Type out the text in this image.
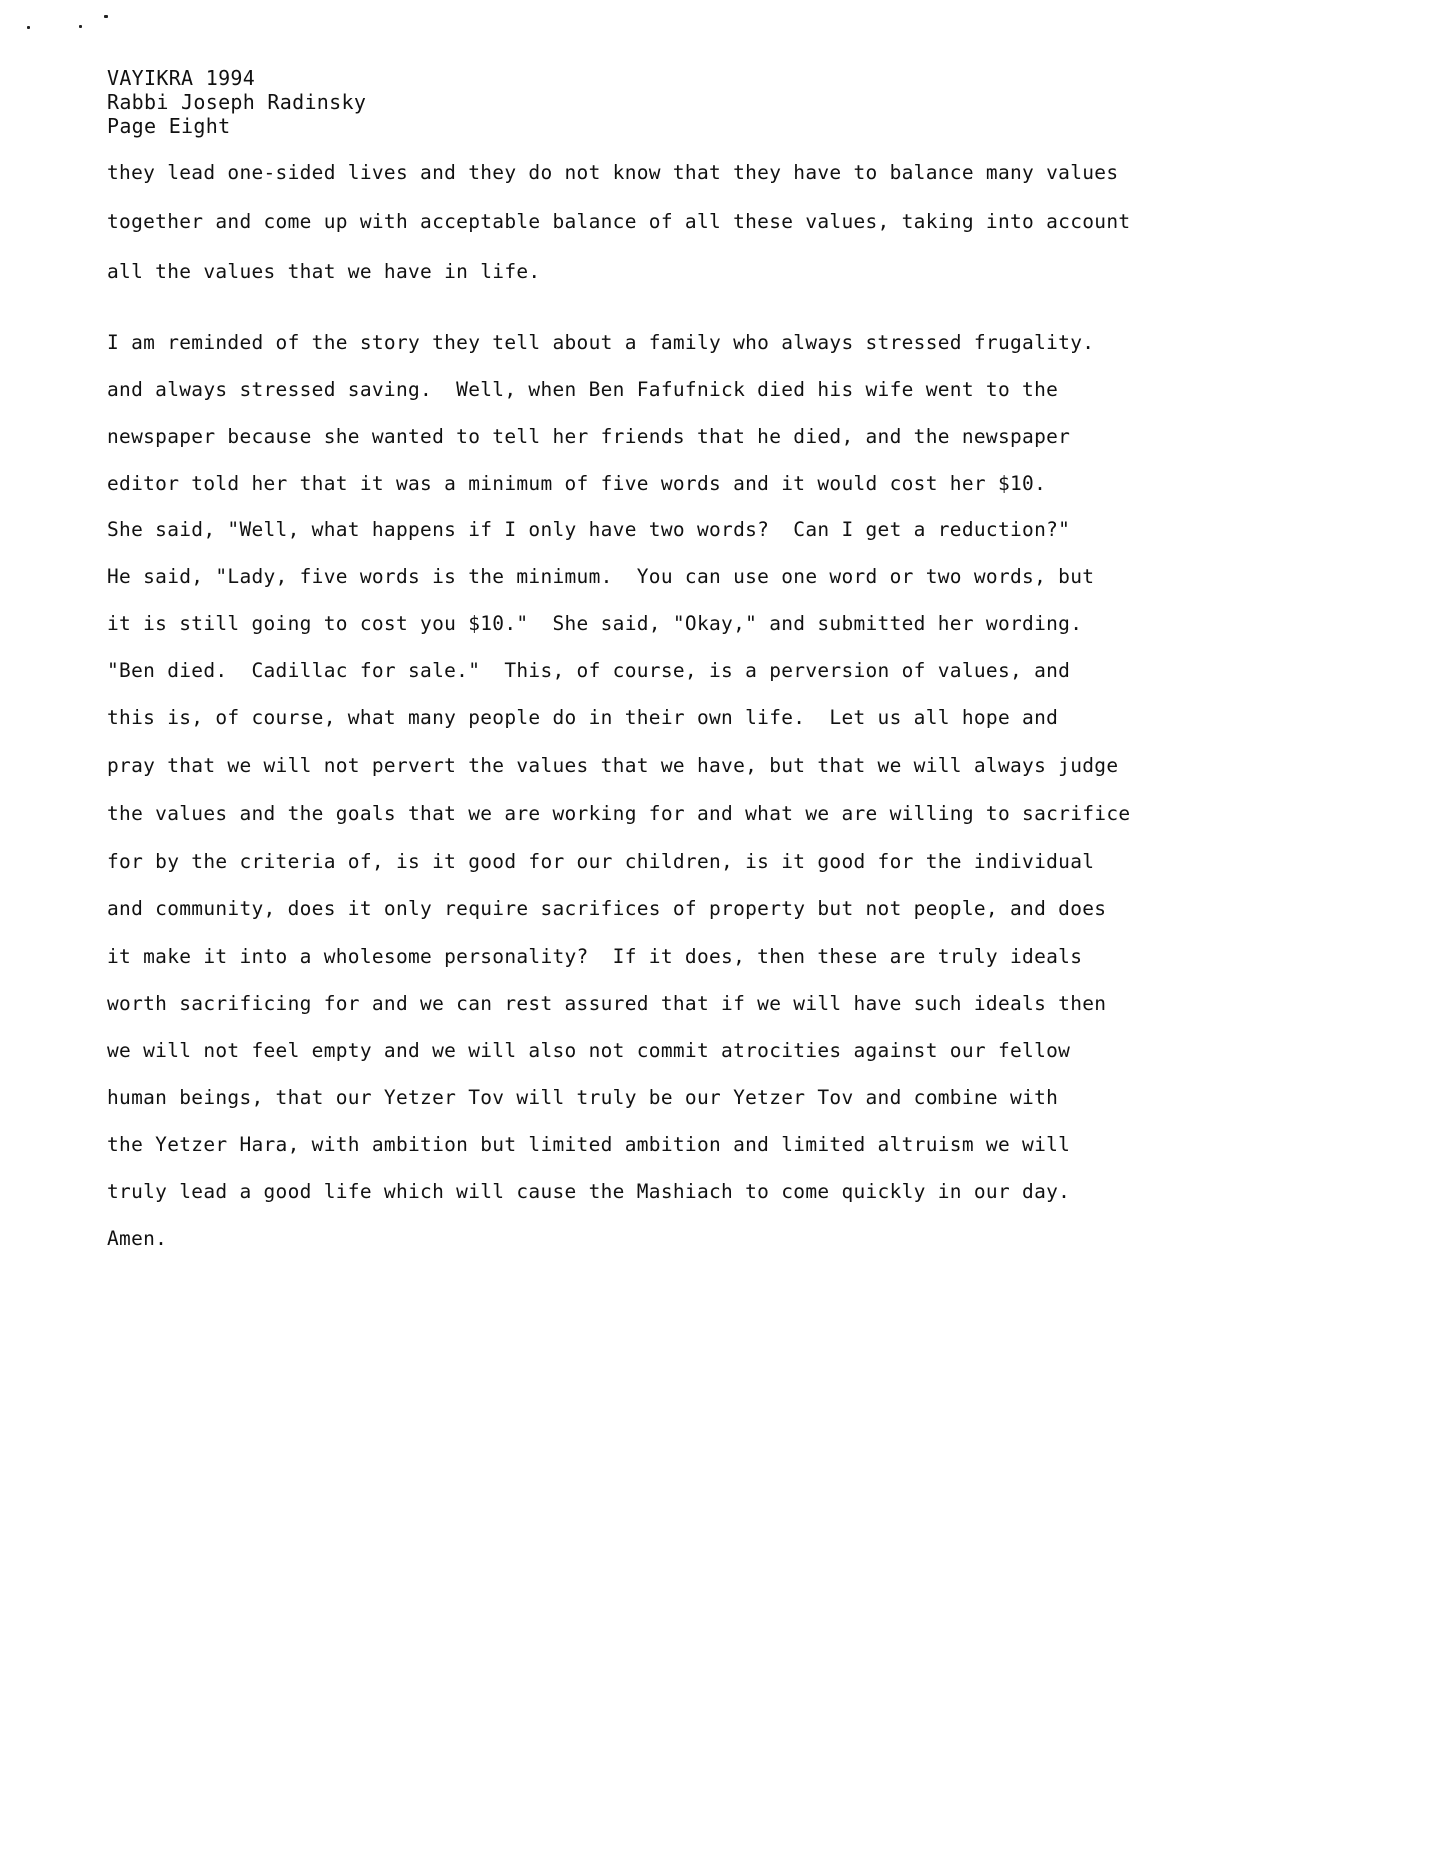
VAYIKRA 1994
Rabbi Joseph Radinsky
Page Eight
they lead one-sided lives and they do not know that they have to balance many values
together and come up with acceptable balance of all these values, taking into account
all the values that we have in life.
I am reminded of the story they tell about a family who always stressed frugality.
and always stressed saving.  Well, when Ben Fafufnick died his wife went to the
newspaper because she wanted to tell her friends that he died, and the newspaper
editor told her that it was a minimum of five words and it would cost her $10.
She said, "Well, what happens if I only have two words?  Can I get a reduction?"
He said, "Lady, five words is the minimum.  You can use one word or two words, but
it is still going to cost you $10."  She said, "Okay," and submitted her wording.
"Ben died.  Cadillac for sale."  This, of course, is a perversion of values, and
this is, of course, what many people do in their own life.  Let us all hope and
pray that we will not pervert the values that we have, but that we will always judge
the values and the goals that we are working for and what we are willing to sacrifice
for by the criteria of, is it good for our children, is it good for the individual
and community, does it only require sacrifices of property but not people, and does
it make it into a wholesome personality?  If it does, then these are truly ideals
worth sacrificing for and we can rest assured that if we will have such ideals then
we will not feel empty and we will also not commit atrocities against our fellow
human beings, that our Yetzer Tov will truly be our Yetzer Tov and combine with
the Yetzer Hara, with ambition but limited ambition and limited altruism we will
truly lead a good life which will cause the Mashiach to come quickly in our day.
Amen.
